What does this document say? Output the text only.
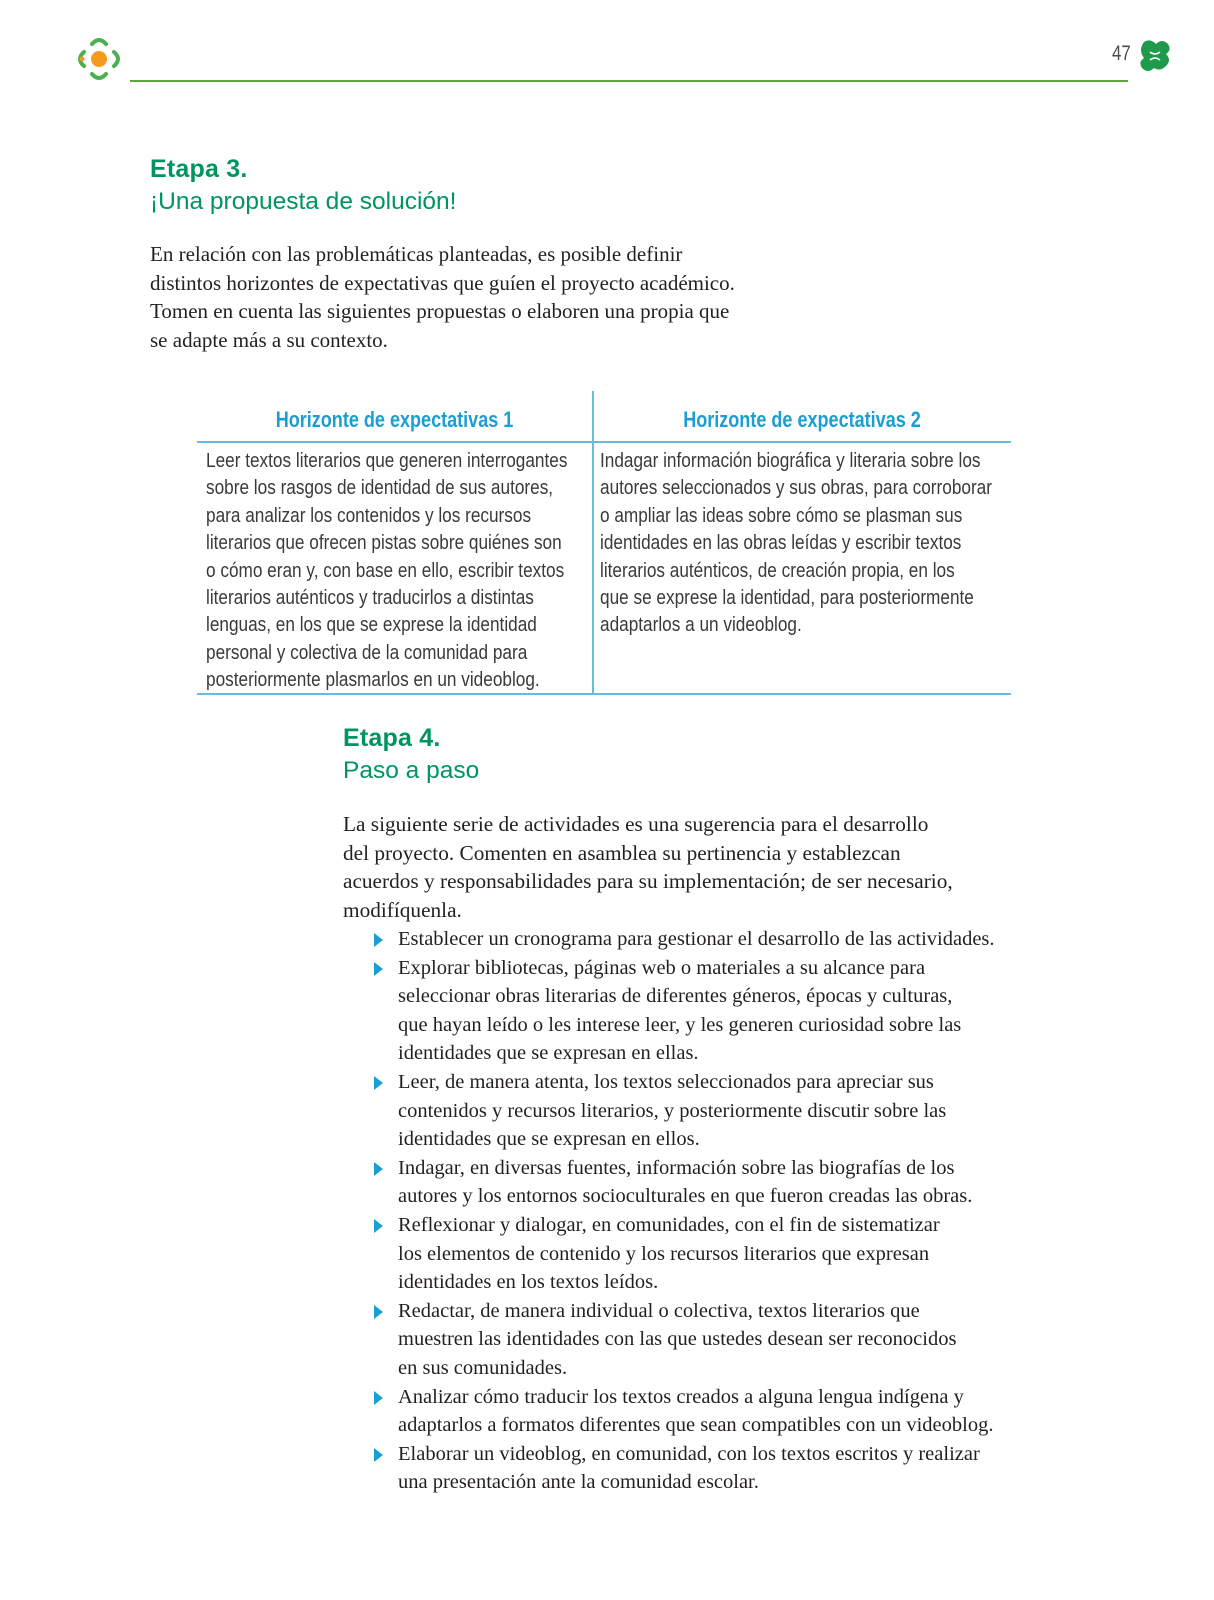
47
Etapa 3.
¡Una propuesta de solución!
En relación con las problemáticas planteadas, es posible definir
distintos horizontes de expectativas que guíen el proyecto académico.
Tomen en cuenta las siguientes propuestas o elaboren una propia que
se adapte más a su contexto.
Horizonte de expectativas 1	Horizonte de expectativas 2
Leer textos literarios que generen interrogantes
sobre los rasgos de identidad de sus autores,
para analizar los contenidos y los recursos
literarios que ofrecen pistas sobre quiénes son
o cómo eran y, con base en ello, escribir textos
literarios auténticos y traducirlos a distintas
lenguas, en los que se exprese la identidad
personal y colectiva de la comunidad para
posteriormente plasmarlos en un videoblog.
Indagar información biográfica y literaria sobre los
autores seleccionados y sus obras, para corroborar
o ampliar las ideas sobre cómo se plasman sus
identidades en las obras leídas y escribir textos
literarios auténticos, de creación propia, en los
que se exprese la identidad, para posteriormente
adaptarlos a un videoblog.
Etapa 4.
Paso a paso
La siguiente serie de actividades es una sugerencia para el desarrollo
del proyecto. Comenten en asamblea su pertinencia y establezcan
acuerdos y responsabilidades para su implementación; de ser necesario,
modifíquenla.
Establecer un cronograma para gestionar el desarrollo de las actividades.
Explorar bibliotecas, páginas web o materiales a su alcance para
seleccionar obras literarias de diferentes géneros, épocas y culturas,
que hayan leído o les interese leer, y les generen curiosidad sobre las
identidades que se expresan en ellas.
Leer, de manera atenta, los textos seleccionados para apreciar sus
contenidos y recursos literarios, y posteriormente discutir sobre las
identidades que se expresan en ellos.
Indagar, en diversas fuentes, información sobre las biografías de los
autores y los entornos socioculturales en que fueron creadas las obras.
Reflexionar y dialogar, en comunidades, con el fin de sistematizar
los elementos de contenido y los recursos literarios que expresan
identidades en los textos leídos.
Redactar, de manera individual o colectiva, textos literarios que
muestren las identidades con las que ustedes desean ser reconocidos
en sus comunidades.
Analizar cómo traducir los textos creados a alguna lengua indígena y
adaptarlos a formatos diferentes que sean compatibles con un videoblog.
Elaborar un videoblog, en comunidad, con los textos escritos y realizar
una presentación ante la comunidad escolar.
